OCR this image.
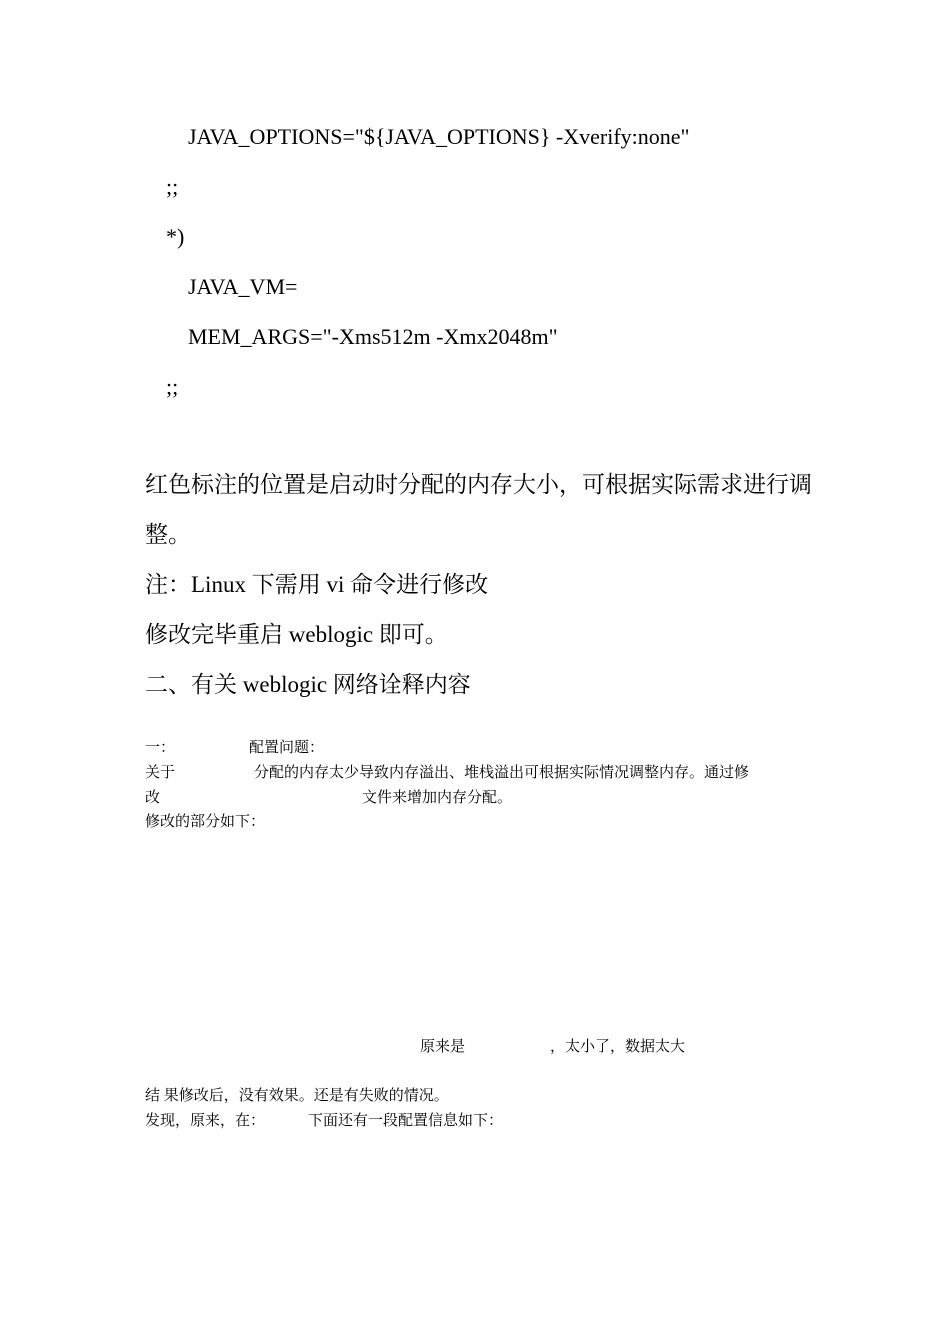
JAVA_OPTIONS="${JAVA_OPTIONS} -Xverify:none"
;;
*)
JAVA_VM=
MEM_ARGS="-Xms512m -Xmx2048m"
;;
红色标注的位置是启动时分配的内存大小，可根据实际需求进行调
整。
注：Linux 下需用 vi 命令进行修改
修改完毕重启 weblogic 即可。
二、有关 weblogic 网络诠释内容
一：	配置问题：
关于	分配的内存太少导致内存溢出、堆栈溢出可根据实际情况调整内存。通过修
改	文件来增加内存分配。
修改的部分如下：
原来是	，太小了，数据太大
结 果修改后，没有效果。还是有失败的情况。
发现，原来，在：	下面还有一段配置信息如下：
